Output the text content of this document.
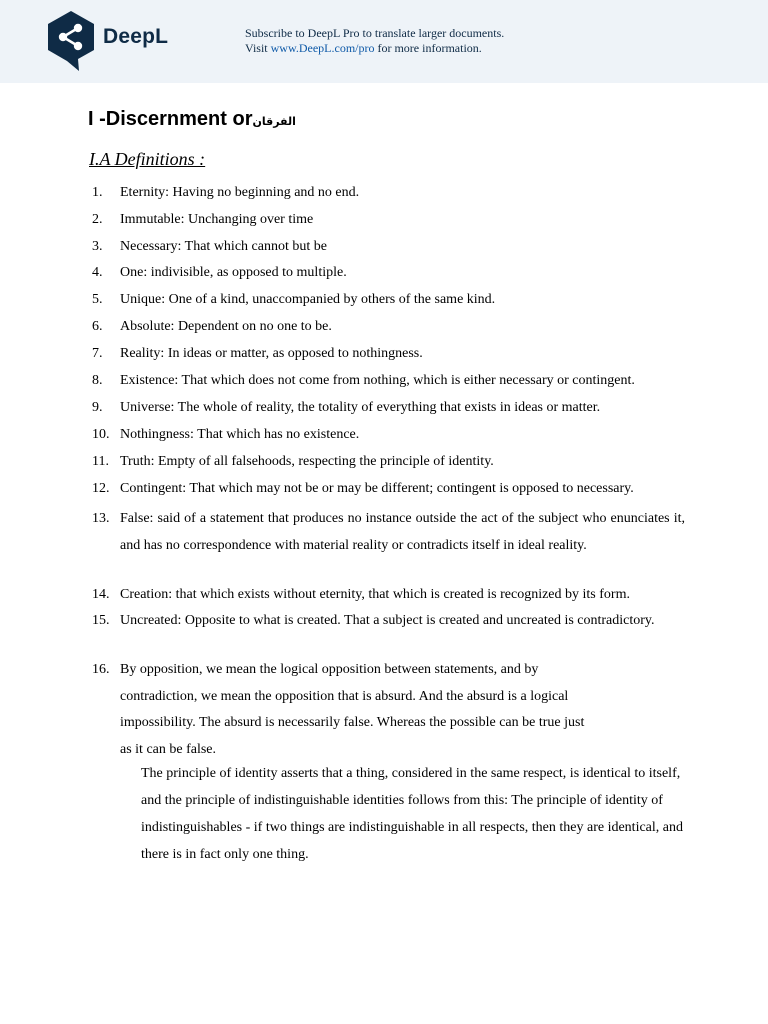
DeepL	Subscribe to DeepL Pro to translate larger documents.
Visit www.DeepL.com/pro for more information.
I -Discernment orالفرقان
I.A Definitions :
1.	Eternity: Having no beginning and no end.
2.	Immutable: Unchanging over time
3.	Necessary: That which cannot but be
4.	One: indivisible, as opposed to multiple.
5.	Unique: One of a kind, unaccompanied by others of the same kind.
6.	Absolute: Dependent on no one to be.
7.	Reality: In ideas or matter, as opposed to nothingness.
8.	Existence: That which does not come from nothing, which is either necessary or contingent.
9.	Universe: The whole of reality, the totality of everything that exists in ideas or matter.
10. Nothingness: That which has no existence.
11. Truth: Empty of all falsehoods, respecting the principle of identity.
12. Contingent: That which may not be or may be different; contingent is opposed to necessary.
13. False: said of a statement that produces no instance outside the act of the subject who enunciates it, and has no correspondence with material reality or contradicts itself in ideal reality.
14. Creation: that which exists without eternity, that which is created is recognized by its form.
15. Uncreated: Opposite to what is created. That a subject is created and uncreated is contradictory.
16. By opposition, we mean the logical opposition between statements, and by contradiction, we mean the opposition that is absurd. And the absurd is a logical impossibility. The absurd is necessarily false. Whereas the possible can be true just as it can be false.
The principle of identity asserts that a thing, considered in the same respect, is identical to itself, and the principle of indistinguishable identities follows from this: The principle of identity of indistinguishables - if two things are indistinguishable in all respects, then they are identical, and there is in fact only one thing.
